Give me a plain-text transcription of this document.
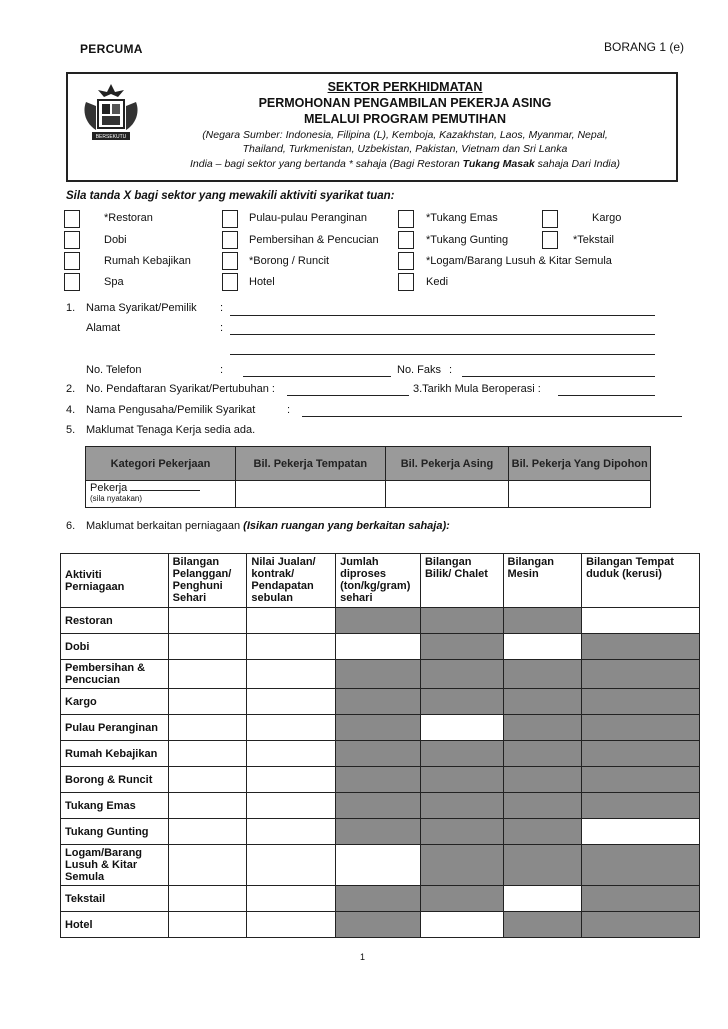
PERCUMA	BORANG 1 (e)
BERSEKUTU
SEKTOR PERKHIDMATAN
PERMOHONAN PENGAMBILAN PEKERJA ASING
MELALUI PROGRAM PEMUTIHAN
(Negara Sumber: Indonesia, Filipina (L), Kemboja, Kazakhstan, Laos, Myanmar, Nepal,
Thailand, Turkmenistan, Uzbekistan, Pakistan, Vietnam dan Sri Lanka
India – bagi sektor yang bertanda * sahaja (Bagi Restoran Tukang Masak sahaja Dari India)
Sila tanda X bagi sektor yang mewakili aktiviti syarikat tuan:
*Restoran
Dobi
Rumah Kebajikan
Spa
Pulau-pulau Peranginan
Pembersihan & Pencucian
*Borong / Runcit
Hotel
*Tukang Emas
*Tukang Gunting
*Logam/Barang Lusuh & Kitar Semula
Kedi
Kargo
*Tekstail
1. Nama Syarikat/Pemilik :
Alamat	:
No. Telefon	:	No. Faks :
2. No. Pendaftaran Syarikat/Pertubuhan :	3.Tarikh Mula Beroperasi :
4. Nama Pengusaha/Pemilik Syarikat	:
5. Maklumat Tenaga Kerja sedia ada.
Kategori Pekerjaan	Bil. Pekerja Tempatan	Bil. Pekerja Asing	Bil. Pekerja Yang Dipohon

Pekerja
(sila nyatakan)			

6. Maklumat berkaitan perniagaan (Isikan ruangan yang berkaitan sahaja):
Aktiviti Perniagaan	Bilangan Pelanggan/ Penghuni Sehari	Nilai Jualan/ kontrak/ Pendapatan sebulan	Jumlah diproses (ton/kg/gram) sehari	Bilangan Bilik/ Chalet	Bilangan Mesin	Bilangan Tempat duduk (kerusi)
Restoran						
Dobi						
Pembersihan & Pencucian						
Kargo						
Pulau Peranginan						
Rumah Kebajikan						
Borong & Runcit						
Tukang Emas						
Tukang Gunting						
Logam/Barang Lusuh & Kitar Semula						
Tekstail						
Hotel						
1
